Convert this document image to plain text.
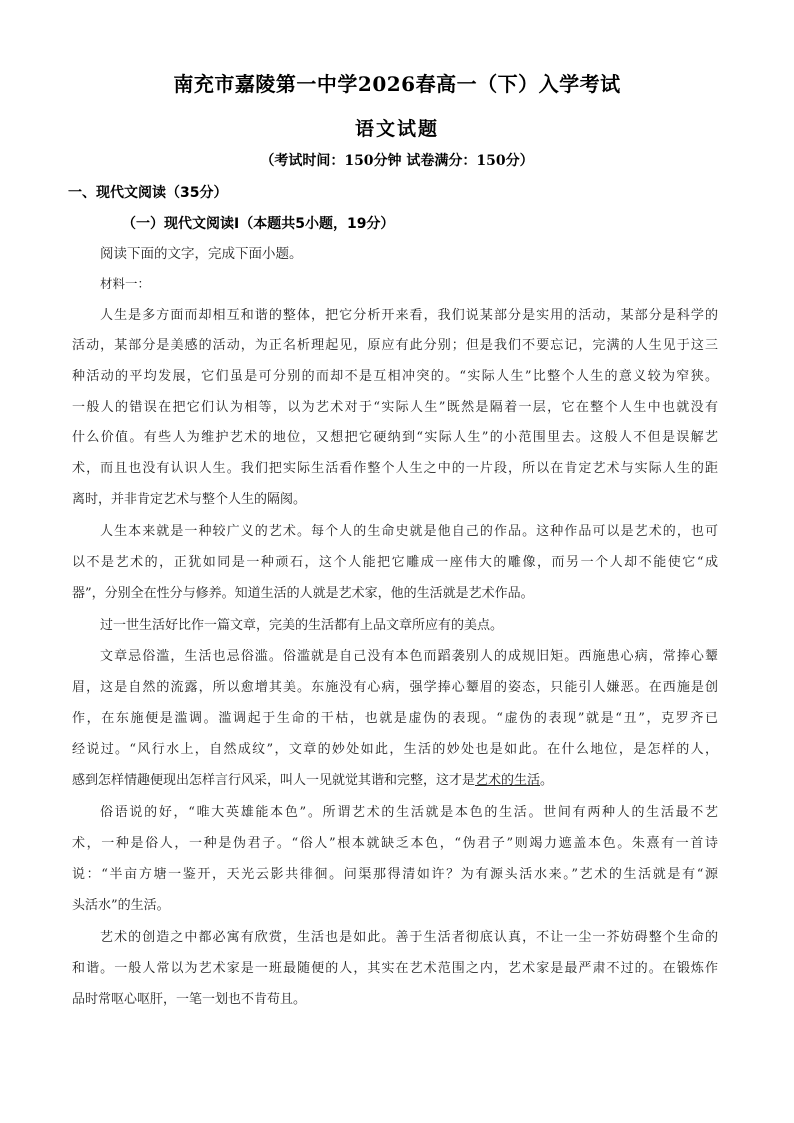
南充市嘉陵第一中学2026春高一（下）入学考试
语文试题
（考试时间：150分钟 试卷满分：150分）
一、现代文阅读（35分）
（一）现代文阅读Ⅰ（本题共5小题，19分）
阅读下面的文字，完成下面小题。
材料一：
人生是多方面而却相互和谐的整体，把它分析开来看，我们说某部分是实用的活动，某部分是科学的
活动，某部分是美感的活动，为正名析理起见，原应有此分别；但是我们不要忘记，完满的人生见于这三
种活动的平均发展，它们虽是可分别的而却不是互相冲突的。“实际人生”比整个人生的意义较为窄狭。
一般人的错误在把它们认为相等，以为艺术对于“实际人生”既然是隔着一层，它在整个人生中也就没有
什么价值。有些人为维护艺术的地位，又想把它硬纳到“实际人生”的小范围里去。这般人不但是误解艺
术，而且也没有认识人生。我们把实际生活看作整个人生之中的一片段，所以在肯定艺术与实际人生的距
离时，并非肯定艺术与整个人生的隔阂。
人生本来就是一种较广义的艺术。每个人的生命史就是他自己的作品。这种作品可以是艺术的，也可
以不是艺术的，正犹如同是一种顽石，这个人能把它雕成一座伟大的雕像，而另一个人却不能使它“成
器”，分别全在性分与修养。知道生活的人就是艺术家，他的生活就是艺术作品。
过一世生活好比作一篇文章，完美的生活都有上品文章所应有的美点。
文章忌俗滥，生活也忌俗滥。俗滥就是自己没有本色而蹈袭别人的成规旧矩。西施患心病，常捧心颦
眉，这是自然的流露，所以愈增其美。东施没有心病，强学捧心颦眉的姿态，只能引人嫌恶。在西施是创
作，在东施便是滥调。滥调起于生命的干枯，也就是虚伪的表现。“虚伪的表现”就是“丑”，克罗齐已
经说过。“风行水上，自然成纹”，文章的妙处如此，生活的妙处也是如此。在什么地位，是怎样的人，
感到怎样情趣便现出怎样言行风采，叫人一见就觉其谐和完整，这才是艺术的生活。
俗语说的好，“唯大英雄能本色”。所谓艺术的生活就是本色的生活。世间有两种人的生活最不艺
术，一种是俗人，一种是伪君子。“俗人”根本就缺乏本色，“伪君子”则竭力遮盖本色。朱熹有一首诗
说：“半亩方塘一鉴开，天光云影共徘徊。问渠那得清如许？为有源头活水来。”艺术的生活就是有“源
头活水”的生活。
艺术的创造之中都必寓有欣赏，生活也是如此。善于生活者彻底认真，不让一尘一芥妨碍整个生命的
和谐。一般人常以为艺术家是一班最随便的人，其实在艺术范围之内，艺术家是最严肃不过的。在锻炼作
品时常呕心呕肝，一笔一划也不肯苟且。
